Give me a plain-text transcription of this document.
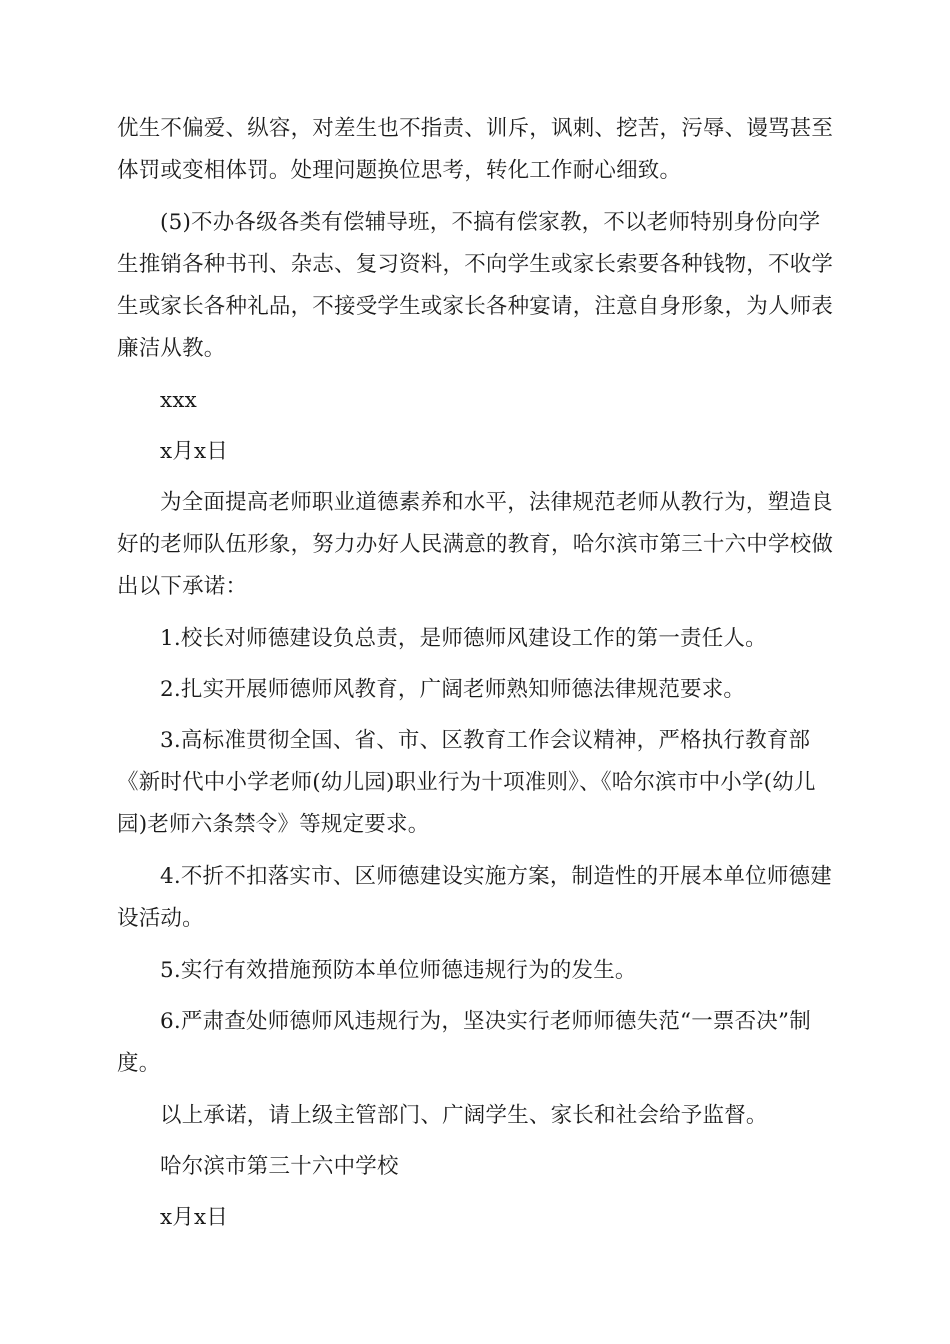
优生不偏爱、纵容，对差生也不指责、训斥，讽刺、挖苦，污辱、谩骂甚至体罚或变相体罚。处理问题换位思考，转化工作耐心细致。

(5)不办各级各类有偿辅导班，不搞有偿家教，不以老师特别身份向学生推销各种书刊、杂志、复习资料，不向学生或家长索要各种钱物，不收学生或家长各种礼品，不接受学生或家长各种宴请，注意自身形象，为人师表廉洁从教。

xxx

x月x日

为全面提高老师职业道德素养和水平，法律规范老师从教行为，塑造良好的老师队伍形象，努力办好人民满意的教育，哈尔滨市第三十六中学校做出以下承诺：

1.校长对师德建设负总责，是师德师风建设工作的第一责任人。

2.扎实开展师德师风教育，广阔老师熟知师德法律规范要求。

3.高标准贯彻全国、省、市、区教育工作会议精神，严格执行教育部《新时代中小学老师(幼儿园)职业行为十项准则》、《哈尔滨市中小学(幼儿园)老师六条禁令》等规定要求。

4.不折不扣落实市、区师德建设实施方案，制造性的开展本单位师德建设活动。

5.实行有效措施预防本单位师德违规行为的发生。

6.严肃查处师德师风违规行为，坚决实行老师师德失范“一票否决”制度。

以上承诺，请上级主管部门、广阔学生、家长和社会给予监督。

哈尔滨市第三十六中学校

x月x日
